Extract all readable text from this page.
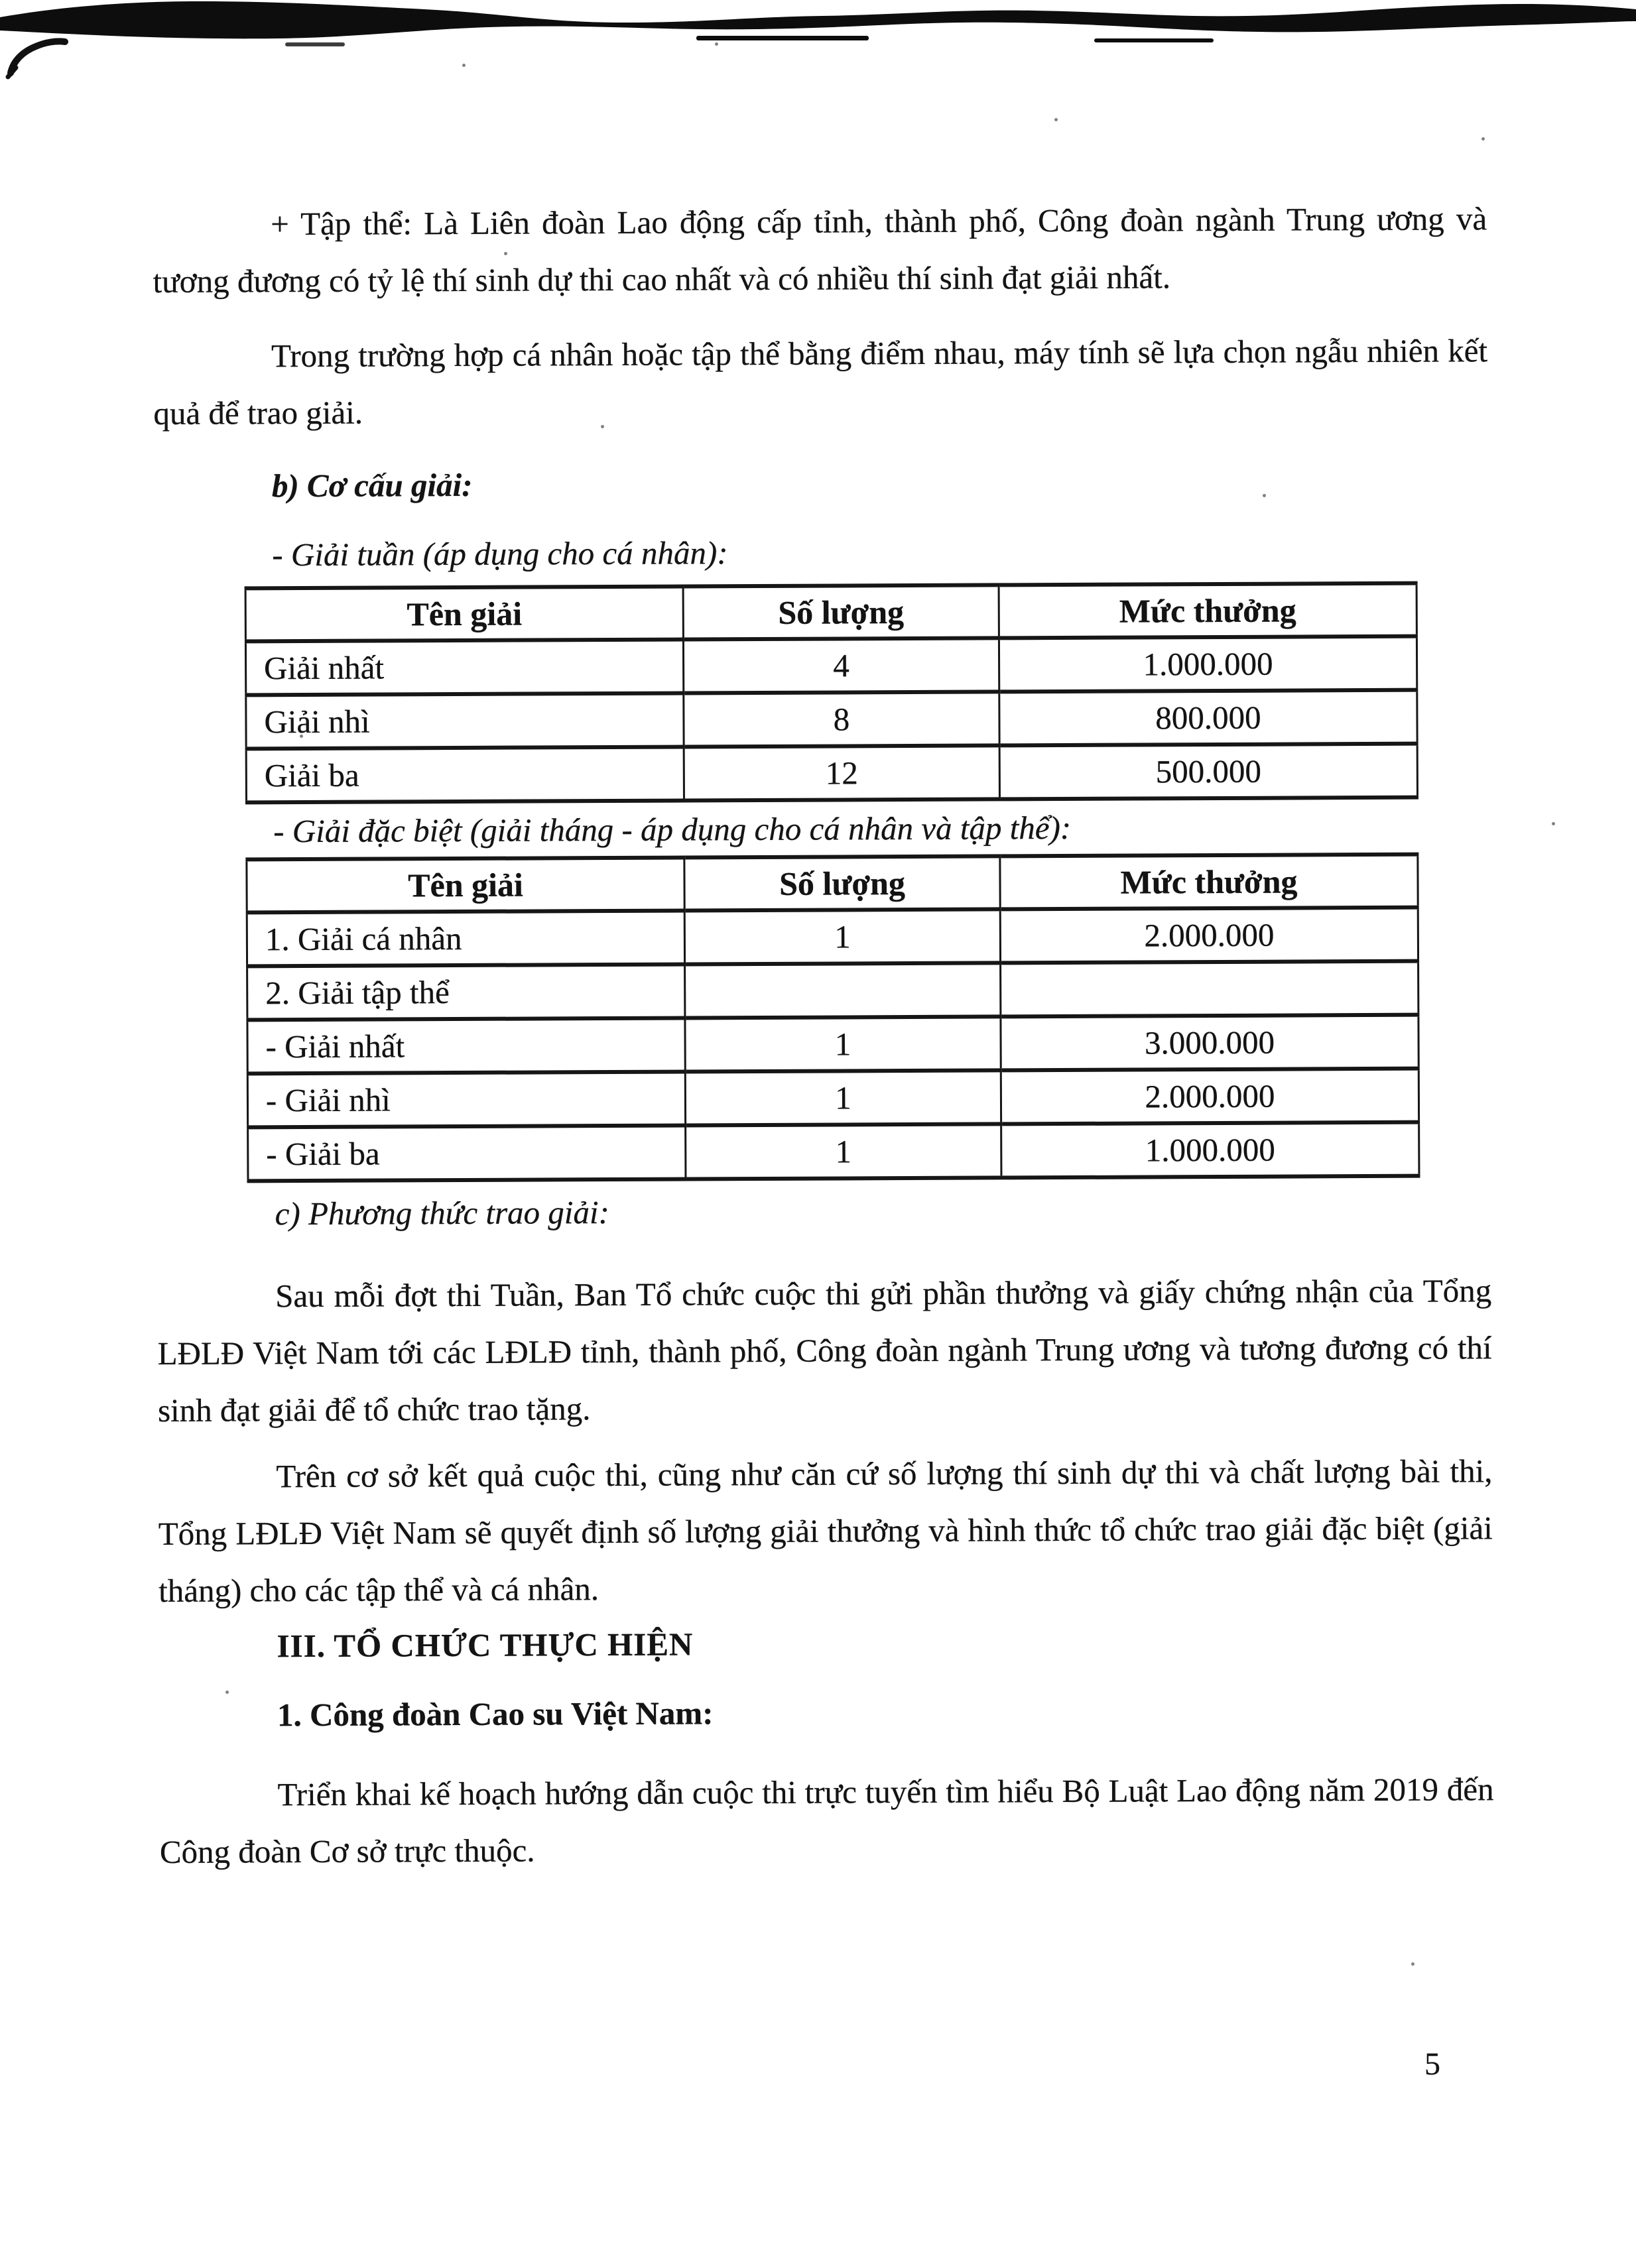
+ Tập thể: Là Liên đoàn Lao động cấp tỉnh, thành phố, Công đoàn ngành Trung ương và tương đương có tỷ lệ thí sinh dự thi cao nhất và có nhiều thí sinh đạt giải nhất.

Trong trường hợp cá nhân hoặc tập thể bằng điểm nhau, máy tính sẽ lựa chọn ngẫu nhiên kết quả để trao giải.

b) Cơ cấu giải:

- Giải tuần (áp dụng cho cá nhân):

Tên giải	Số lượng	Mức thưởng
Giải nhất	4	1.000.000
Giải nhì	8	800.000
Giải ba	12	500.000

- Giải đặc biệt (giải tháng - áp dụng cho cá nhân và tập thể):

Tên giải	Số lượng	Mức thưởng
1. Giải cá nhân	1	2.000.000
2. Giải tập thể		
- Giải nhất	1	3.000.000
- Giải nhì	1	2.000.000
- Giải ba	1	1.000.000

c) Phương thức trao giải:

Sau mỗi đợt thi Tuần, Ban Tổ chức cuộc thi gửi phần thưởng và giấy chứng nhận của Tổng LĐLĐ Việt Nam tới các LĐLĐ tỉnh, thành phố, Công đoàn ngành Trung ương và tương đương có thí sinh đạt giải để tổ chức trao tặng.

Trên cơ sở kết quả cuộc thi, cũng như căn cứ số lượng thí sinh dự thi và chất lượng bài thi, Tổng LĐLĐ Việt Nam sẽ quyết định số lượng giải thưởng và hình thức tổ chức trao giải đặc biệt (giải tháng) cho các tập thể và cá nhân.

III. TỔ CHỨC THỰC HIỆN

1. Công đoàn Cao su Việt Nam:

Triển khai kế hoạch hướng dẫn cuộc thi trực tuyến tìm hiểu Bộ Luật Lao động năm 2019 đến Công đoàn Cơ sở trực thuộc.

5
